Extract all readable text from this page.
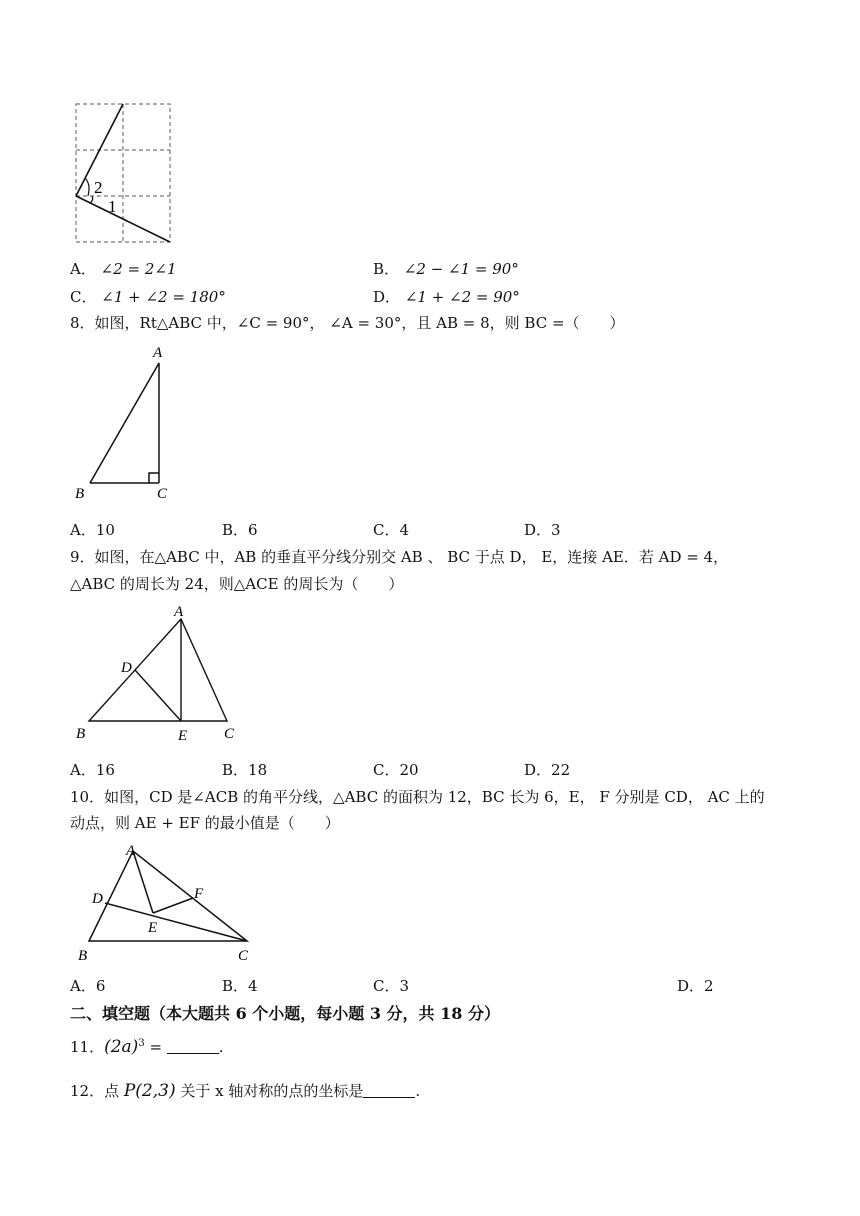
2
1
A． ∠2 = 2∠1	B． ∠2 − ∠1 = 90°
C． ∠1 + ∠2 = 180°	D． ∠1 + ∠2 = 90°
8．如图，Rt△ABC 中，∠C = 90°， ∠A = 30°，且 AB = 8，则 BC =（　　）
A
B	C
A．10	B．6	C．4	D．3
9．如图，在△ABC 中，AB 的垂直平分线分别交 AB 、 BC 于点 D， E，连接 AE．若 AD = 4，
△ABC 的周长为 24，则△ACE 的周长为（　　）
A
B	C
D
E
A．16	B．18	C．20	D．22
10．如图，CD 是∠ACB 的角平分线，△ABC 的面积为 12，BC 长为 6，E， F 分别是 CD， AC 上的
动点，则 AE + EF 的最小值是（　　）
A
B	C
D
E
F
A．6	B．4	C．3	D．2
二、填空题（本大题共 6 个小题，每小题 3 分，共 18 分）
11．$(2a)^3$ =	.
12．点 P(2,3) 关于 x 轴对称的点的坐标是	.
